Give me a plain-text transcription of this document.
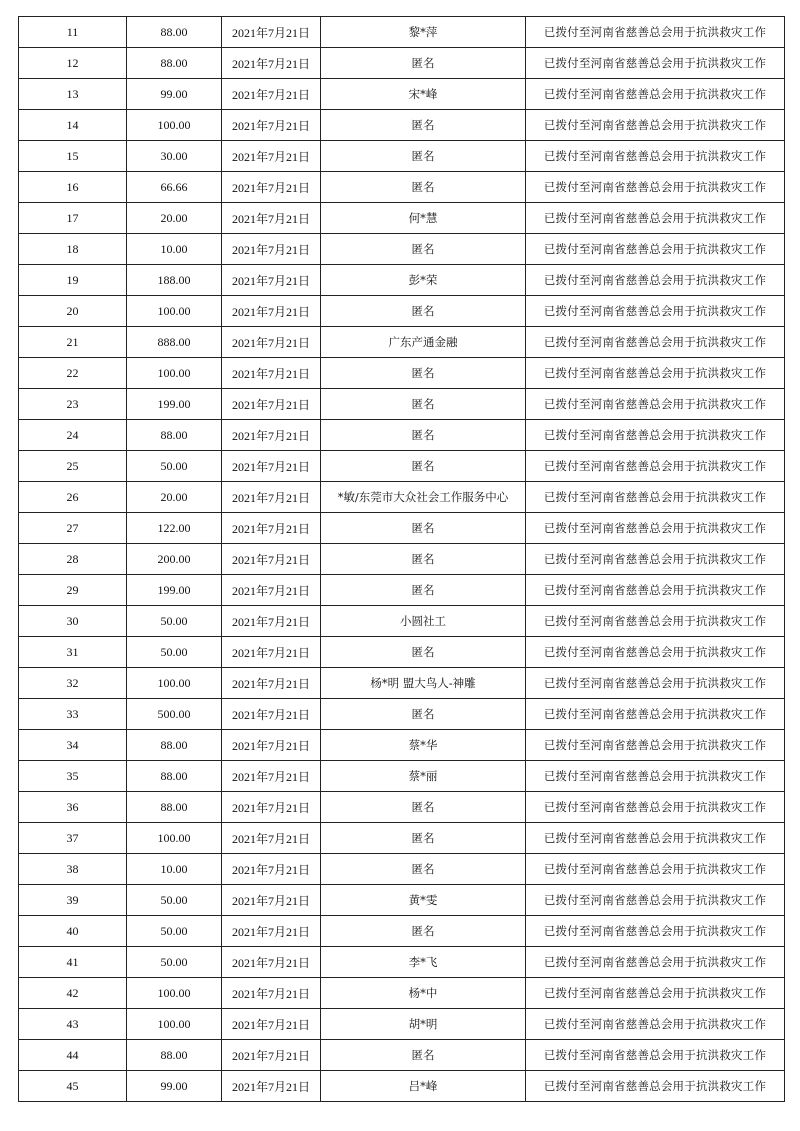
11	88.00	2021年7月21日	黎*萍	已拨付至河南省慈善总会用于抗洪救灾工作
12	88.00	2021年7月21日	匿名	已拨付至河南省慈善总会用于抗洪救灾工作
13	99.00	2021年7月21日	宋*峰	已拨付至河南省慈善总会用于抗洪救灾工作
14	100.00	2021年7月21日	匿名	已拨付至河南省慈善总会用于抗洪救灾工作
15	30.00	2021年7月21日	匿名	已拨付至河南省慈善总会用于抗洪救灾工作
16	66.66	2021年7月21日	匿名	已拨付至河南省慈善总会用于抗洪救灾工作
17	20.00	2021年7月21日	何*慧	已拨付至河南省慈善总会用于抗洪救灾工作
18	10.00	2021年7月21日	匿名	已拨付至河南省慈善总会用于抗洪救灾工作
19	188.00	2021年7月21日	彭*荣	已拨付至河南省慈善总会用于抗洪救灾工作
20	100.00	2021年7月21日	匿名	已拨付至河南省慈善总会用于抗洪救灾工作
21	888.00	2021年7月21日	广东产通金融	已拨付至河南省慈善总会用于抗洪救灾工作
22	100.00	2021年7月21日	匿名	已拨付至河南省慈善总会用于抗洪救灾工作
23	199.00	2021年7月21日	匿名	已拨付至河南省慈善总会用于抗洪救灾工作
24	88.00	2021年7月21日	匿名	已拨付至河南省慈善总会用于抗洪救灾工作
25	50.00	2021年7月21日	匿名	已拨付至河南省慈善总会用于抗洪救灾工作
26	20.00	2021年7月21日	*敏/东莞市大众社会工作服务中心	已拨付至河南省慈善总会用于抗洪救灾工作
27	122.00	2021年7月21日	匿名	已拨付至河南省慈善总会用于抗洪救灾工作
28	200.00	2021年7月21日	匿名	已拨付至河南省慈善总会用于抗洪救灾工作
29	199.00	2021年7月21日	匿名	已拨付至河南省慈善总会用于抗洪救灾工作
30	50.00	2021年7月21日	小圆社工	已拨付至河南省慈善总会用于抗洪救灾工作
31	50.00	2021年7月21日	匿名	已拨付至河南省慈善总会用于抗洪救灾工作
32	100.00	2021年7月21日	杨*明 盟大鸟人-神雕	已拨付至河南省慈善总会用于抗洪救灾工作
33	500.00	2021年7月21日	匿名	已拨付至河南省慈善总会用于抗洪救灾工作
34	88.00	2021年7月21日	蔡*华	已拨付至河南省慈善总会用于抗洪救灾工作
35	88.00	2021年7月21日	蔡*丽	已拨付至河南省慈善总会用于抗洪救灾工作
36	88.00	2021年7月21日	匿名	已拨付至河南省慈善总会用于抗洪救灾工作
37	100.00	2021年7月21日	匿名	已拨付至河南省慈善总会用于抗洪救灾工作
38	10.00	2021年7月21日	匿名	已拨付至河南省慈善总会用于抗洪救灾工作
39	50.00	2021年7月21日	黄*雯	已拨付至河南省慈善总会用于抗洪救灾工作
40	50.00	2021年7月21日	匿名	已拨付至河南省慈善总会用于抗洪救灾工作
41	50.00	2021年7月21日	李*飞	已拨付至河南省慈善总会用于抗洪救灾工作
42	100.00	2021年7月21日	杨*中	已拨付至河南省慈善总会用于抗洪救灾工作
43	100.00	2021年7月21日	胡*明	已拨付至河南省慈善总会用于抗洪救灾工作
44	88.00	2021年7月21日	匿名	已拨付至河南省慈善总会用于抗洪救灾工作
45	99.00	2021年7月21日	吕*峰	已拨付至河南省慈善总会用于抗洪救灾工作
